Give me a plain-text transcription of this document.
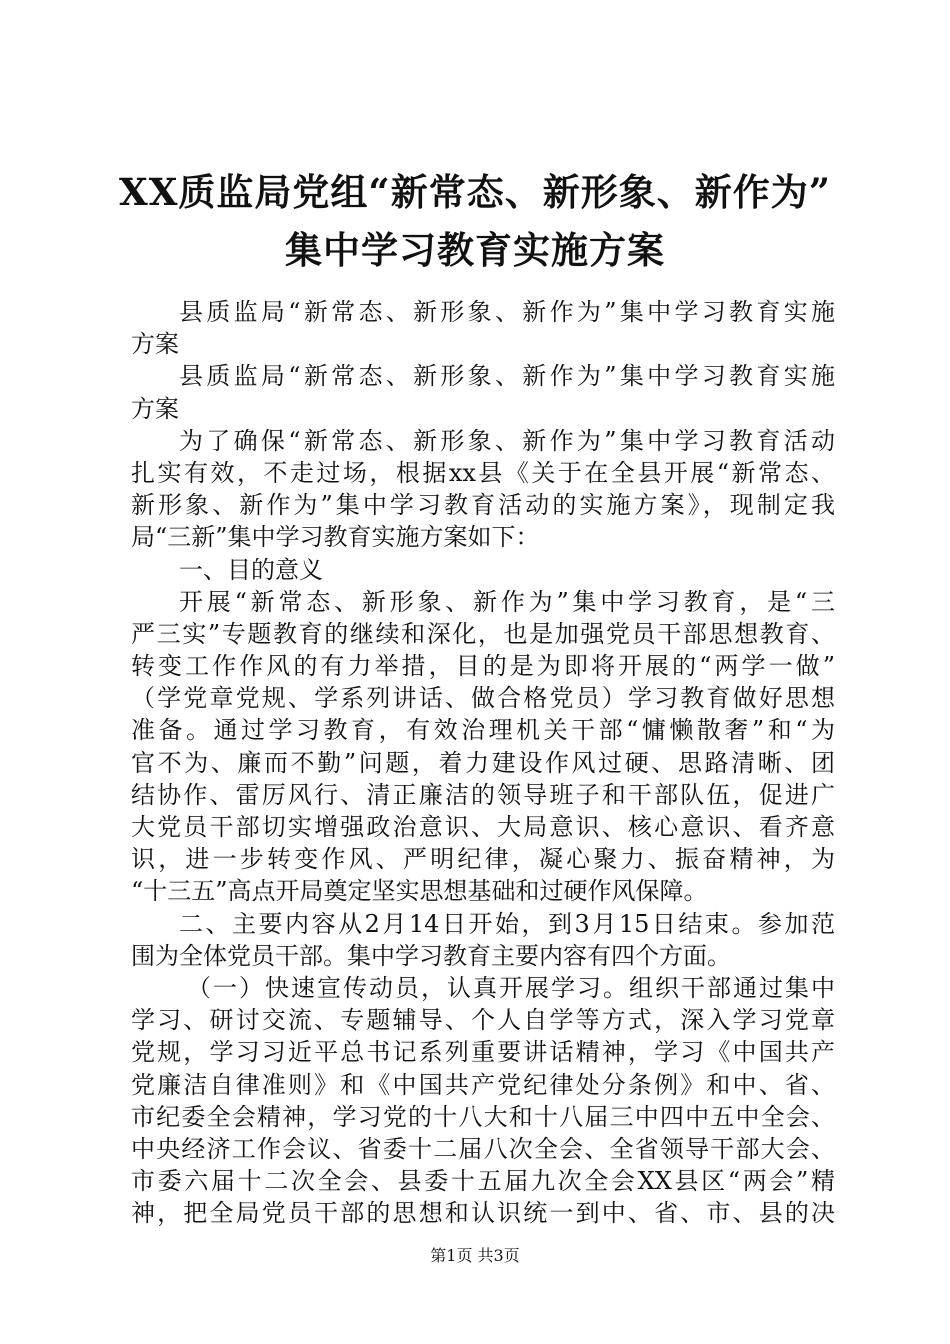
XX质监局党组“新常态、新形象、新作为”
集中学习教育实施方案
县质监局“新常态、新形象、新作为”集中学习教育实施
方案
县质监局“新常态、新形象、新作为”集中学习教育实施
方案
为了确保“新常态、新形象、新作为”集中学习教育活动
扎实有效，不走过场，根据xx县《关于在全县开展“新常态、
新形象、新作为”集中学习教育活动的实施方案》，现制定我
局“三新”集中学习教育实施方案如下：
一、目的意义
开展“新常态、新形象、新作为”集中学习教育，是“三
严三实”专题教育的继续和深化，也是加强党员干部思想教育、
转变工作作风的有力举措，目的是为即将开展的“两学一做”
（学党章党规、学系列讲话、做合格党员）学习教育做好思想
准备。通过学习教育，有效治理机关干部“慵懒散奢”和“为
官不为、廉而不勤”问题，着力建设作风过硬、思路清晰、团
结协作、雷厉风行、清正廉洁的领导班子和干部队伍，促进广
大党员干部切实增强政治意识、大局意识、核心意识、看齐意
识，进一步转变作风、严明纪律，凝心聚力、振奋精神，为
“十三五”高点开局奠定坚实思想基础和过硬作风保障。
二、主要内容从2月14日开始，到3月15日结束。参加范
围为全体党员干部。集中学习教育主要内容有四个方面。
（一）快速宣传动员，认真开展学习。组织干部通过集中
学习、研讨交流、专题辅导、个人自学等方式，深入学习党章
党规，学习习近平总书记系列重要讲话精神，学习《中国共产
党廉洁自律准则》和《中国共产党纪律处分条例》和中、省、
市纪委全会精神，学习党的十八大和十八届三中四中五中全会、
中央经济工作会议、省委十二届八次全会、全省领导干部大会、
市委六届十二次全会、县委十五届九次全会XX县区“两会”精
神，把全局党员干部的思想和认识统一到中、省、市、县的决
第1页 共3页
